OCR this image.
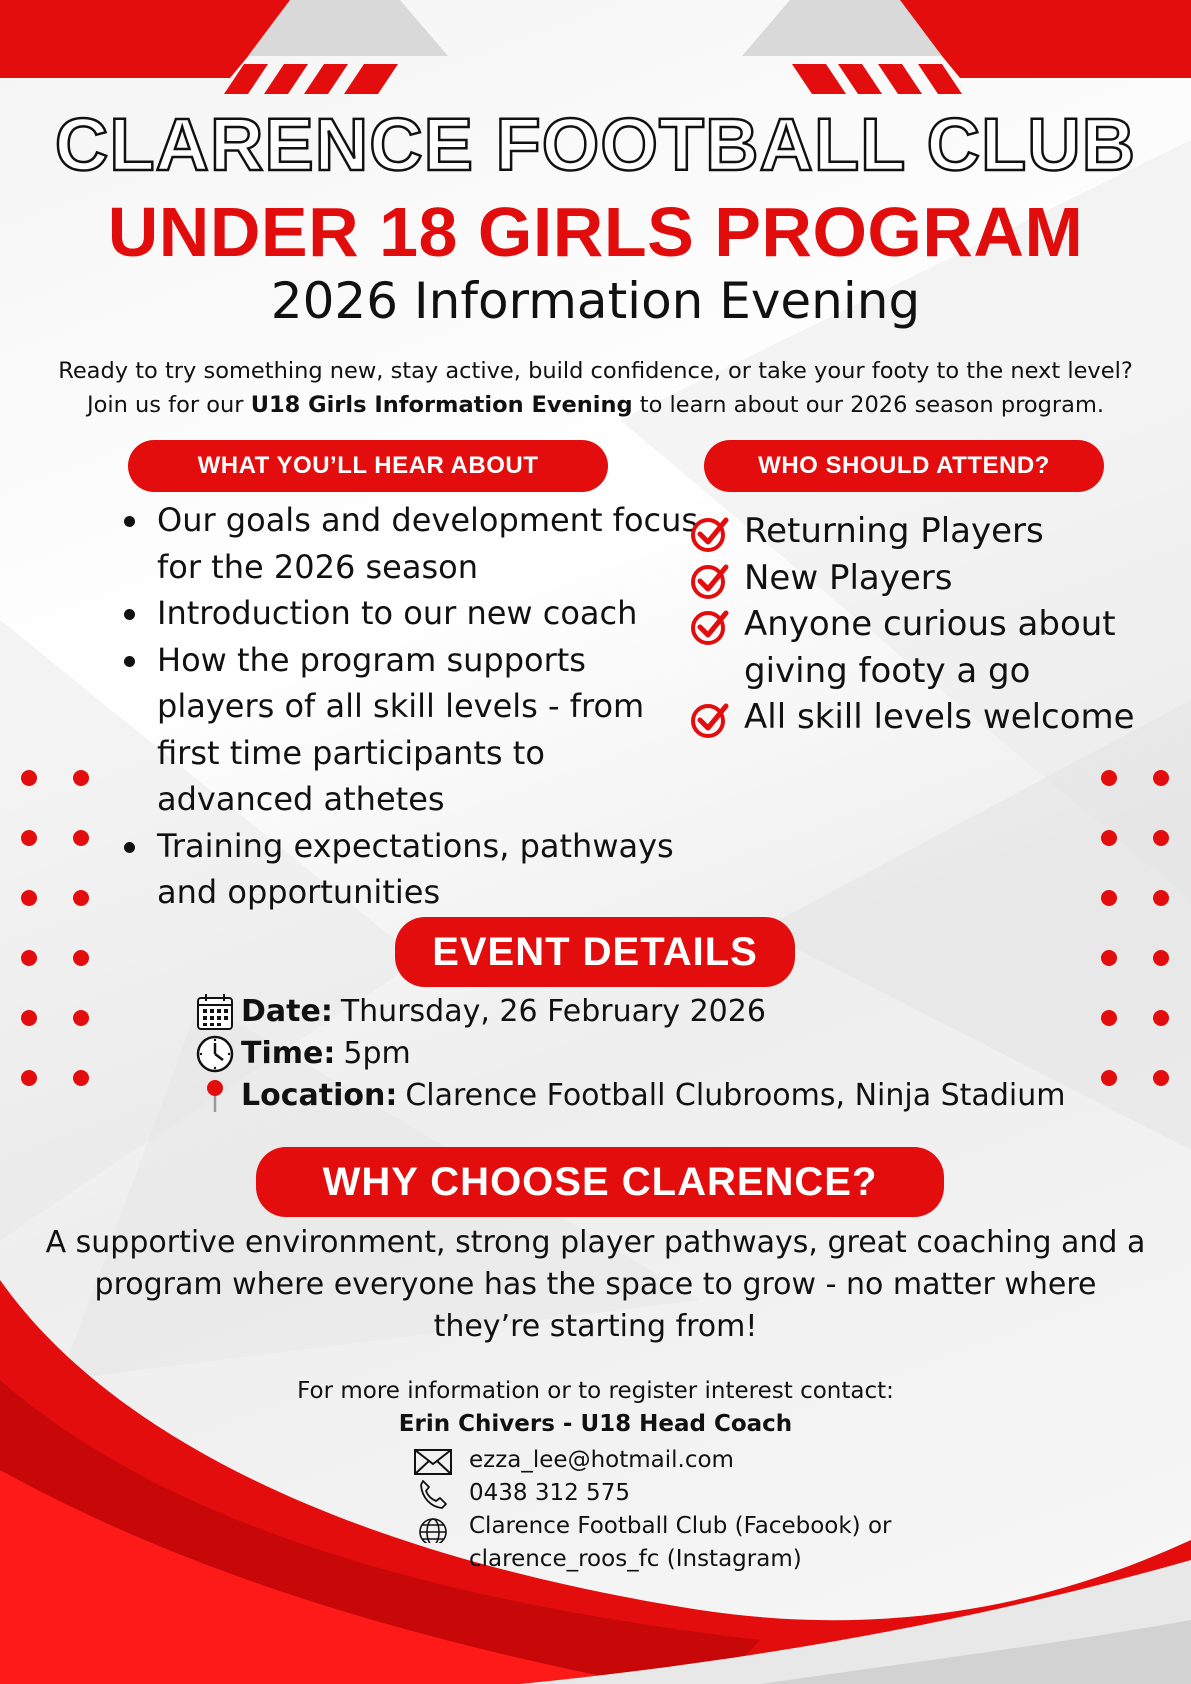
CLARENCE FOOTBALL CLUB
UNDER 18 GIRLS PROGRAM
2026 Information Evening
Ready to try something new, stay active, build confidence, or take your footy to the next level?
Join us for our U18 Girls Information Evening to learn about our 2026 season program.
WHAT YOU’LL HEAR ABOUT	WHO SHOULD ATTEND?
Our goals and development focus for the 2026 season
Introduction to our new coach
How the program supports players of all skill levels - from first time participants to advanced athetes
Training expectations, pathways and opportunities
Returning Players
New Players
Anyone curious about giving footy a go
All skill levels welcome
EVENT DETAILS
Date: Thursday, 26 February 2026
Time: 5pm
Location: Clarence Football Clubrooms, Ninja Stadium
WHY CHOOSE CLARENCE?
A supportive environment, strong player pathways, great coaching and a program where everyone has the space to grow - no matter where they’re starting from!
For more information or to register interest contact:
Erin Chivers - U18 Head Coach
ezza_lee@hotmail.com
0438 312 575
Clarence Football Club (Facebook) or
clarence_roos_fc (Instagram)
